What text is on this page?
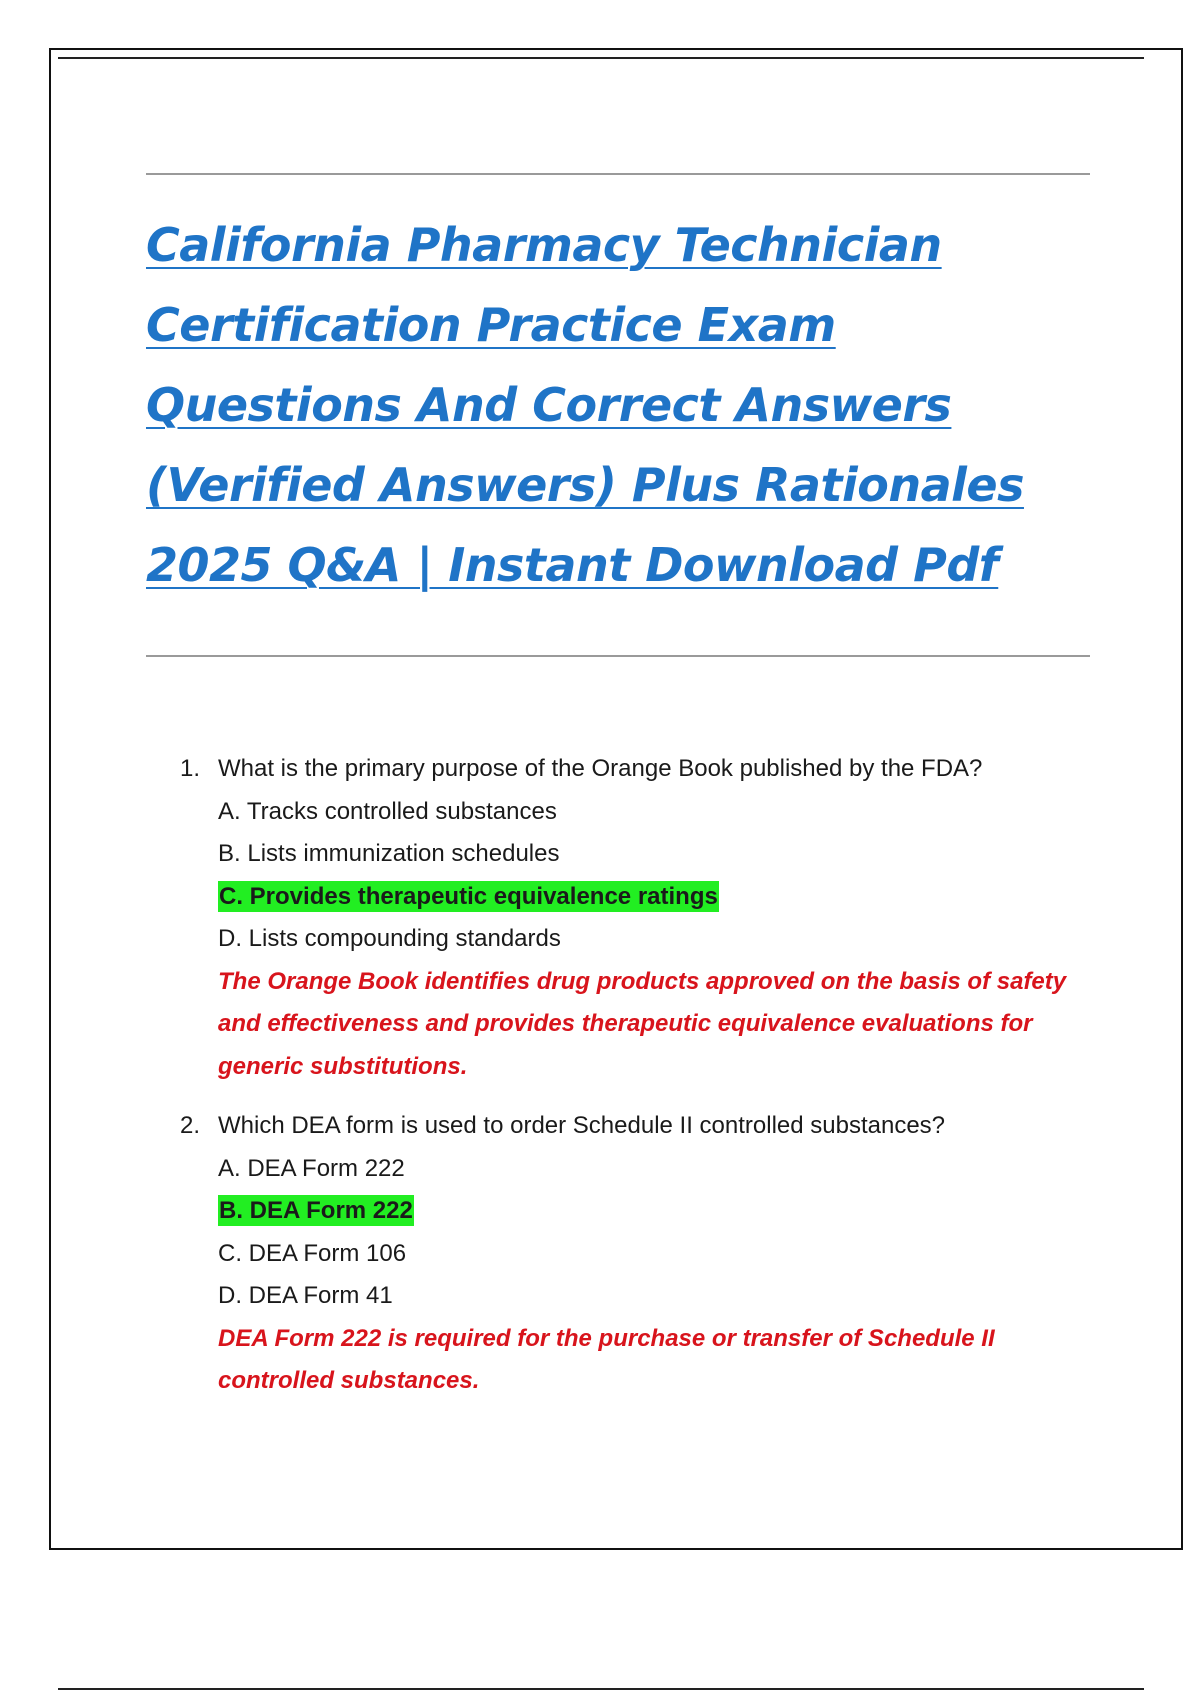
California Pharmacy Technician Certification Practice Exam Questions And Correct Answers (Verified Answers) Plus Rationales 2025 Q&A | Instant Download Pdf
1. What is the primary purpose of the Orange Book published by the FDA?
A. Tracks controlled substances
B. Lists immunization schedules
C. Provides therapeutic equivalence ratings
D. Lists compounding standards
The Orange Book identifies drug products approved on the basis of safety and effectiveness and provides therapeutic equivalence evaluations for generic substitutions.
2. Which DEA form is used to order Schedule II controlled substances?
A. DEA Form 222
B. DEA Form 222
C. DEA Form 106
D. DEA Form 41
DEA Form 222 is required for the purchase or transfer of Schedule II controlled substances.
